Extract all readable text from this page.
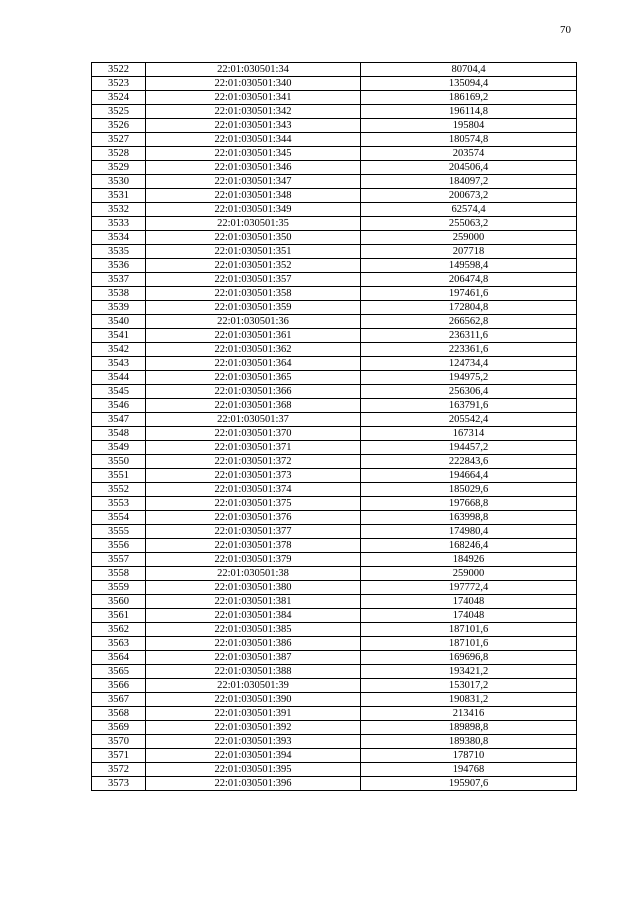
70
3522	22:01:030501:34	80704,4
3523	22:01:030501:340	135094,4
3524	22:01:030501:341	186169,2
3525	22:01:030501:342	196114,8
3526	22:01:030501:343	195804
3527	22:01:030501:344	180574,8
3528	22:01:030501:345	203574
3529	22:01:030501:346	204506,4
3530	22:01:030501:347	184097,2
3531	22:01:030501:348	200673,2
3532	22:01:030501:349	62574,4
3533	22:01:030501:35	255063,2
3534	22:01:030501:350	259000
3535	22:01:030501:351	207718
3536	22:01:030501:352	149598,4
3537	22:01:030501:357	206474,8
3538	22:01:030501:358	197461,6
3539	22:01:030501:359	172804,8
3540	22:01:030501:36	266562,8
3541	22:01:030501:361	236311,6
3542	22:01:030501:362	223361,6
3543	22:01:030501:364	124734,4
3544	22:01:030501:365	194975,2
3545	22:01:030501:366	256306,4
3546	22:01:030501:368	163791,6
3547	22:01:030501:37	205542,4
3548	22:01:030501:370	167314
3549	22:01:030501:371	194457,2
3550	22:01:030501:372	222843,6
3551	22:01:030501:373	194664,4
3552	22:01:030501:374	185029,6
3553	22:01:030501:375	197668,8
3554	22:01:030501:376	163998,8
3555	22:01:030501:377	174980,4
3556	22:01:030501:378	168246,4
3557	22:01:030501:379	184926
3558	22:01:030501:38	259000
3559	22:01:030501:380	197772,4
3560	22:01:030501:381	174048
3561	22:01:030501:384	174048
3562	22:01:030501:385	187101,6
3563	22:01:030501:386	187101,6
3564	22:01:030501:387	169696,8
3565	22:01:030501:388	193421,2
3566	22:01:030501:39	153017,2
3567	22:01:030501:390	190831,2
3568	22:01:030501:391	213416
3569	22:01:030501:392	189898,8
3570	22:01:030501:393	189380,8
3571	22:01:030501:394	178710
3572	22:01:030501:395	194768
3573	22:01:030501:396	195907,6
